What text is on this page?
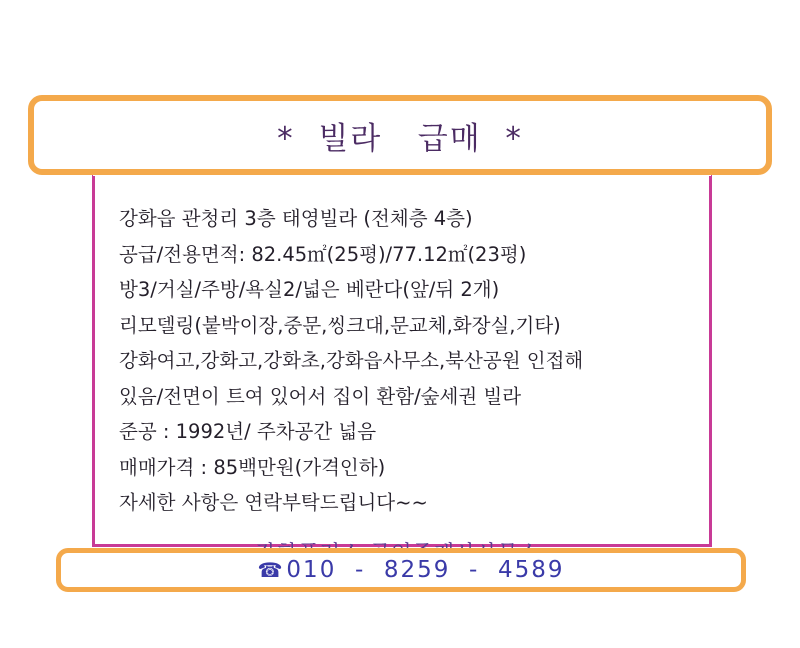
강화읍 관청리 3층 태영빌라 (전체층 4층)
공급/전용면적: 82.45㎡(25평)/77.12㎡(23평)
방3/거실/주방/욕실2/넓은 베란다(앞/뒤 2개)
리모델링(붙박이장,중문,씽크대,문교체,화장실,기타)
강화여고,강화고,강화초,강화읍사무소,북산공원 인접해
있음/전면이 트여 있어서 집이 환함/숲세권 빌라
준공 : 1992년/ 주차공간 넓음
매매가격 : 85백만원(가격인하)
자세한 사항은 연락부탁드립니다~~
*  빌라   급매  *
☎ 010  -  8259  -  4589
